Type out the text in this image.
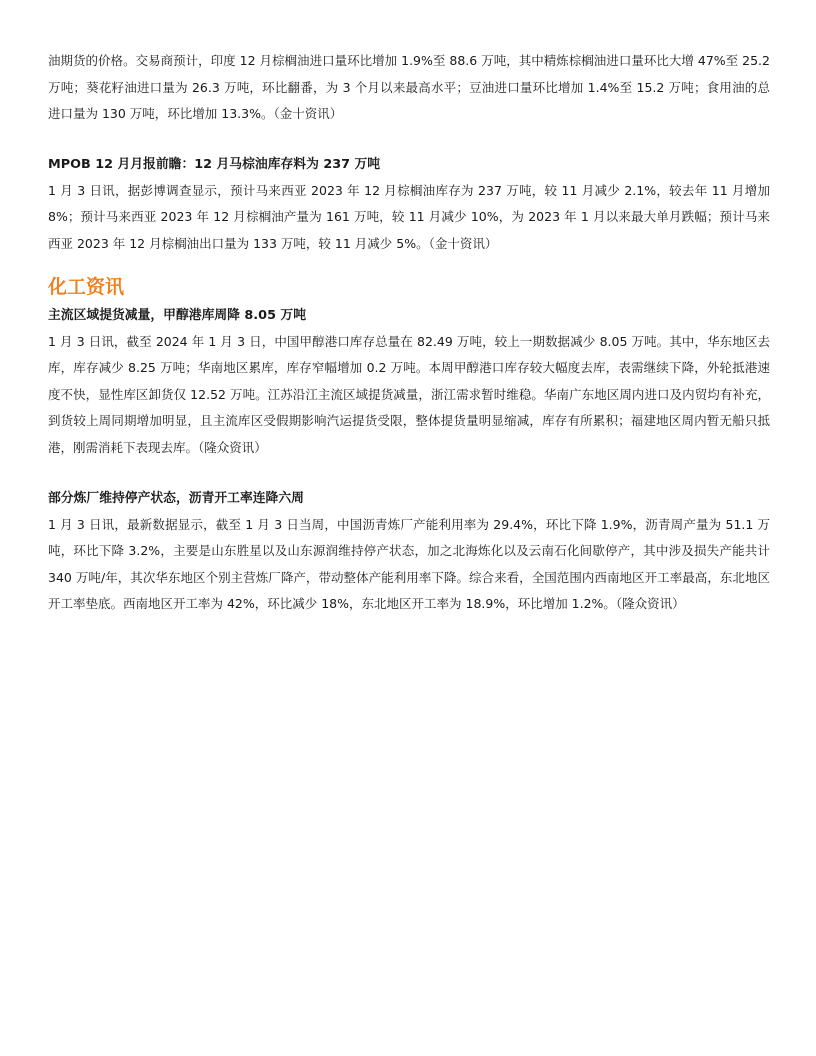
油期货的价格。交易商预计，印度 12 月棕榈油进口量环比增加 1.9%至 88.6 万吨，其中精炼棕榈油进口量环比大增 47%至 25.2 万吨；葵花籽油进口量为 26.3 万吨，环比翻番，为 3 个月以来最高水平；豆油进口量环比增加 1.4%至 15.2 万吨；食用油的总进口量为 130 万吨，环比增加 13.3%。（金十资讯）

MPOB 12 月月报前瞻：12 月马棕油库存料为 237 万吨

1 月 3 日讯，据彭博调查显示，预计马来西亚 2023 年 12 月棕榈油库存为 237 万吨，较 11 月减少 2.1%，较去年 11 月增加 8%；预计马来西亚 2023 年 12 月棕榈油产量为 161 万吨，较 11 月减少 10%，为 2023 年 1 月以来最大单月跌幅；预计马来西亚 2023 年 12 月棕榈油出口量为 133 万吨，较 11 月减少 5%。（金十资讯）

化工资讯
主流区域提货减量，甲醇港库周降 8.05 万吨

1 月 3 日讯，截至 2024 年 1 月 3 日，中国甲醇港口库存总量在 82.49 万吨，较上一期数据减少 8.05 万吨。其中，华东地区去库，库存减少 8.25 万吨；华南地区累库，库存窄幅增加 0.2 万吨。本周甲醇港口库存较大幅度去库，表需继续下降，外轮抵港速度不快，显性库区卸货仅 12.52 万吨。江苏沿江主流区域提货减量，浙江需求暂时维稳。华南广东地区周内进口及内贸均有补充，到货较上周同期增加明显，且主流库区受假期影响汽运提货受限，整体提货量明显缩减，库存有所累积；福建地区周内暂无船只抵港，刚需消耗下表现去库。（隆众资讯）

部分炼厂维持停产状态，沥青开工率连降六周

1 月 3 日讯，最新数据显示，截至 1 月 3 日当周，中国沥青炼厂产能利用率为 29.4%，环比下降 1.9%，沥青周产量为 51.1 万吨，环比下降 3.2%，主要是山东胜星以及山东源润维持停产状态，加之北海炼化以及云南石化间歇停产，其中涉及损失产能共计 340 万吨/年，其次华东地区个别主营炼厂降产，带动整体产能利用率下降。综合来看，全国范围内西南地区开工率最高，东北地区开工率垫底。西南地区开工率为 42%，环比减少 18%，东北地区开工率为 18.9%，环比增加 1.2%。（隆众资讯）
